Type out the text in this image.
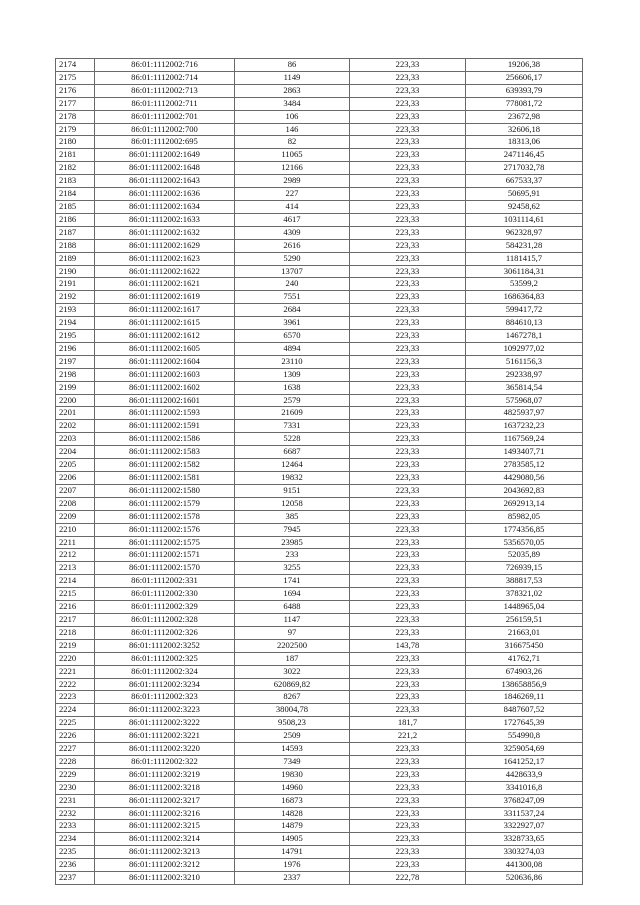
2174	86:01:1112002:716	86	223,33	19206,38
2175	86:01:1112002:714	1149	223,33	256606,17
2176	86:01:1112002:713	2863	223,33	639393,79
2177	86:01:1112002:711	3484	223,33	778081,72
2178	86:01:1112002:701	106	223,33	23672,98
2179	86:01:1112002:700	146	223,33	32606,18
2180	86:01:1112002:695	82	223,33	18313,06
2181	86:01:1112002:1649	11065	223,33	2471146,45
2182	86:01:1112002:1648	12166	223,33	2717032,78
2183	86:01:1112002:1643	2989	223,33	667533,37
2184	86:01:1112002:1636	227	223,33	50695,91
2185	86:01:1112002:1634	414	223,33	92458,62
2186	86:01:1112002:1633	4617	223,33	1031114,61
2187	86:01:1112002:1632	4309	223,33	962328,97
2188	86:01:1112002:1629	2616	223,33	584231,28
2189	86:01:1112002:1623	5290	223,33	1181415,7
2190	86:01:1112002:1622	13707	223,33	3061184,31
2191	86:01:1112002:1621	240	223,33	53599,2
2192	86:01:1112002:1619	7551	223,33	1686364,83
2193	86:01:1112002:1617	2684	223,33	599417,72
2194	86:01:1112002:1615	3961	223,33	884610,13
2195	86:01:1112002:1612	6570	223,33	1467278,1
2196	86:01:1112002:1605	4894	223,33	1092977,02
2197	86:01:1112002:1604	23110	223,33	5161156,3
2198	86:01:1112002:1603	1309	223,33	292338,97
2199	86:01:1112002:1602	1638	223,33	365814,54
2200	86:01:1112002:1601	2579	223,33	575968,07
2201	86:01:1112002:1593	21609	223,33	4825937,97
2202	86:01:1112002:1591	7331	223,33	1637232,23
2203	86:01:1112002:1586	5228	223,33	1167569,24
2204	86:01:1112002:1583	6687	223,33	1493407,71
2205	86:01:1112002:1582	12464	223,33	2783585,12
2206	86:01:1112002:1581	19832	223,33	4429080,56
2207	86:01:1112002:1580	9151	223,33	2043692,83
2208	86:01:1112002:1579	12058	223,33	2692913,14
2209	86:01:1112002:1578	385	223,33	85982,05
2210	86:01:1112002:1576	7945	223,33	1774356,85
2211	86:01:1112002:1575	23985	223,33	5356570,05
2212	86:01:1112002:1571	233	223,33	52035,89
2213	86:01:1112002:1570	3255	223,33	726939,15
2214	86:01:1112002:331	1741	223,33	388817,53
2215	86:01:1112002:330	1694	223,33	378321,02
2216	86:01:1112002:329	6488	223,33	1448965,04
2217	86:01:1112002:328	1147	223,33	256159,51
2218	86:01:1112002:326	97	223,33	21663,01
2219	86:01:1112002:3252	2202500	143,78	316675450
2220	86:01:1112002:325	187	223,33	41762,71
2221	86:01:1112002:324	3022	223,33	674903,26
2222	86:01:1112002:3234	620869,82	223,33	138658856,9
2223	86:01:1112002:323	8267	223,33	1846269,11
2224	86:01:1112002:3223	38004,78	223,33	8487607,52
2225	86:01:1112002:3222	9508,23	181,7	1727645,39
2226	86:01:1112002:3221	2509	221,2	554990,8
2227	86:01:1112002:3220	14593	223,33	3259054,69
2228	86:01:1112002:322	7349	223,33	1641252,17
2229	86:01:1112002:3219	19830	223,33	4428633,9
2230	86:01:1112002:3218	14960	223,33	3341016,8
2231	86:01:1112002:3217	16873	223,33	3768247,09
2232	86:01:1112002:3216	14828	223,33	3311537,24
2233	86:01:1112002:3215	14879	223,33	3322927,07
2234	86:01:1112002:3214	14905	223,33	3328733,65
2235	86:01:1112002:3213	14791	223,33	3303274,03
2236	86:01:1112002:3212	1976	223,33	441300,08
2237	86:01:1112002:3210	2337	222,78	520636,86
